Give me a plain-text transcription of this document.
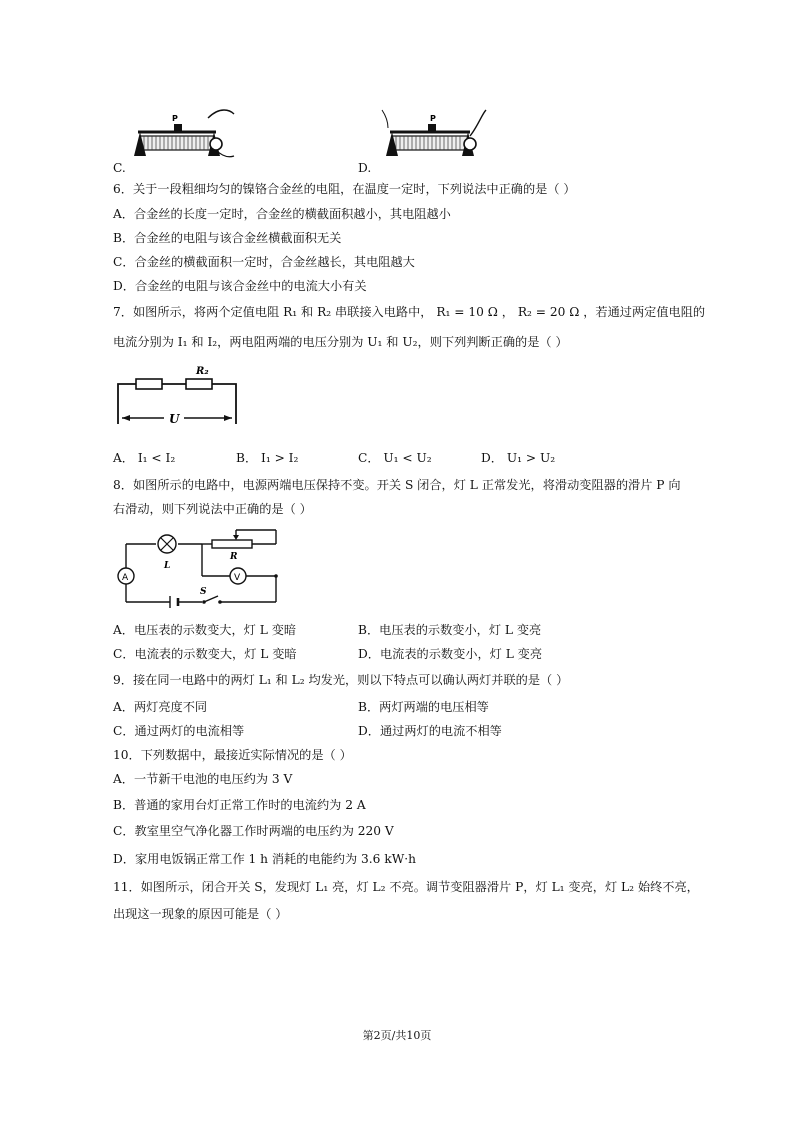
C.
P
D.
P
6．关于一段粗细均匀的镍铬合金丝的电阻，在温度一定时，下列说法中正确的是（ ）
A．合金丝的长度一定时，合金丝的横截面积越小，其电阻越小
B．合金丝的电阻与该合金丝横截面积无关
C．合金丝的横截面积一定时，合金丝越长，其电阻越大
D．合金丝的电阻与该合金丝中的电流大小有关
7．如图所示，将两个定值电阻 R₁ 和 R₂ 串联接入电路中， R₁ = 10 Ω ， R₂ = 20 Ω ，若通过两定值电阻的
电流分别为 I₁ 和 I₂，两电阻两端的电压分别为 U₁ 和 U₂，则下列判断正确的是（ ）
R₂
U
A． I₁ < I₂	B． I₁ > I₂	C． U₁ < U₂	D． U₁ > U₂
8．如图所示的电路中，电源两端电压保持不变。开关 S 闭合，灯 L 正常发光，将滑动变阻器的滑片 P 向
右滑动，则下列说法中正确的是（ ）
S
A
L
R
V
A．电压表的示数变大，灯 L 变暗	B．电压表的示数变小，灯 L 变亮
C．电流表的示数变大，灯 L 变暗	D．电流表的示数变小，灯 L 变亮
9．接在同一电路中的两灯 L₁ 和 L₂ 均发光，则以下特点可以确认两灯并联的是（ ）
A．两灯亮度不同	B．两灯两端的电压相等
C．通过两灯的电流相等	D．通过两灯的电流不相等
10．下列数据中，最接近实际情况的是（ ）
A．一节新干电池的电压约为 3 V
B．普通的家用台灯正常工作时的电流约为 2 A
C．教室里空气净化器工作时两端的电压约为 220 V
D．家用电饭锅正常工作 1 h 消耗的电能约为 3.6 kW·h
11．如图所示，闭合开关 S，发现灯 L₁ 亮，灯 L₂ 不亮。调节变阻器滑片 P，灯 L₁ 变亮，灯 L₂ 始终不亮，
出现这一现象的原因可能是（ ）
第2页/共10页
